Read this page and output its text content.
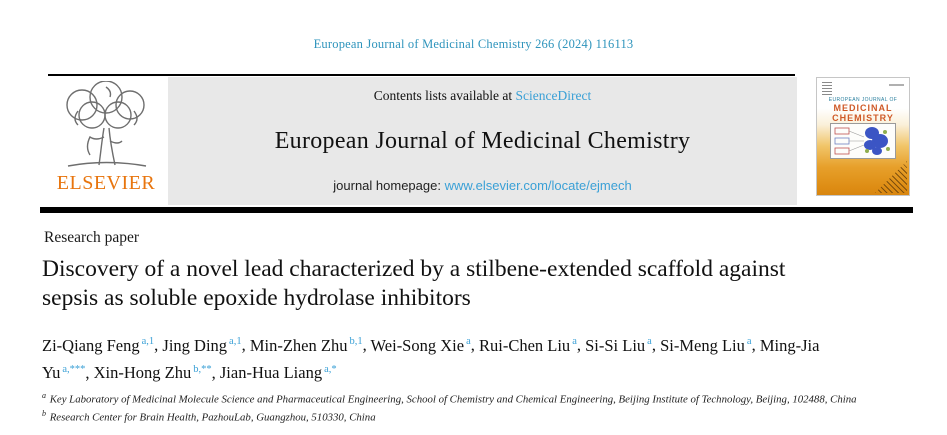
European Journal of Medicinal Chemistry 266 (2024) 116113
ELSEVIER
Contents lists available at ScienceDirect
European Journal of Medicinal Chemistry
journal homepage: www.elsevier.com/locate/ejmech
EUROPEAN JOURNAL OF
MEDICINAL
CHEMISTRY
Research paper
Discovery of a novel lead characterized by a stilbene-extended scaffold against sepsis as soluble epoxide hydrolase inhibitors
Zi-Qiang Feng $^{a,1}$, Jing Ding $^{a,1}$, Min-Zhen Zhu $^{b,1}$, Wei-Song Xie $^a$, Rui-Chen Liu $^a$, Si-Si Liu $^a$, Si-Meng Liu $^a$, Ming-Jia Yu $^{a,***}$, Xin-Hong Zhu $^{b,**}$, Jian-Hua Liang $^{a,*}$
$^a$ Key Laboratory of Medicinal Molecule Science and Pharmaceutical Engineering, School of Chemistry and Chemical Engineering, Beijing Institute of Technology, Beijing, 102488, China
$^b$ Research Center for Brain Health, PazhouLab, Guangzhou, 510330, China
